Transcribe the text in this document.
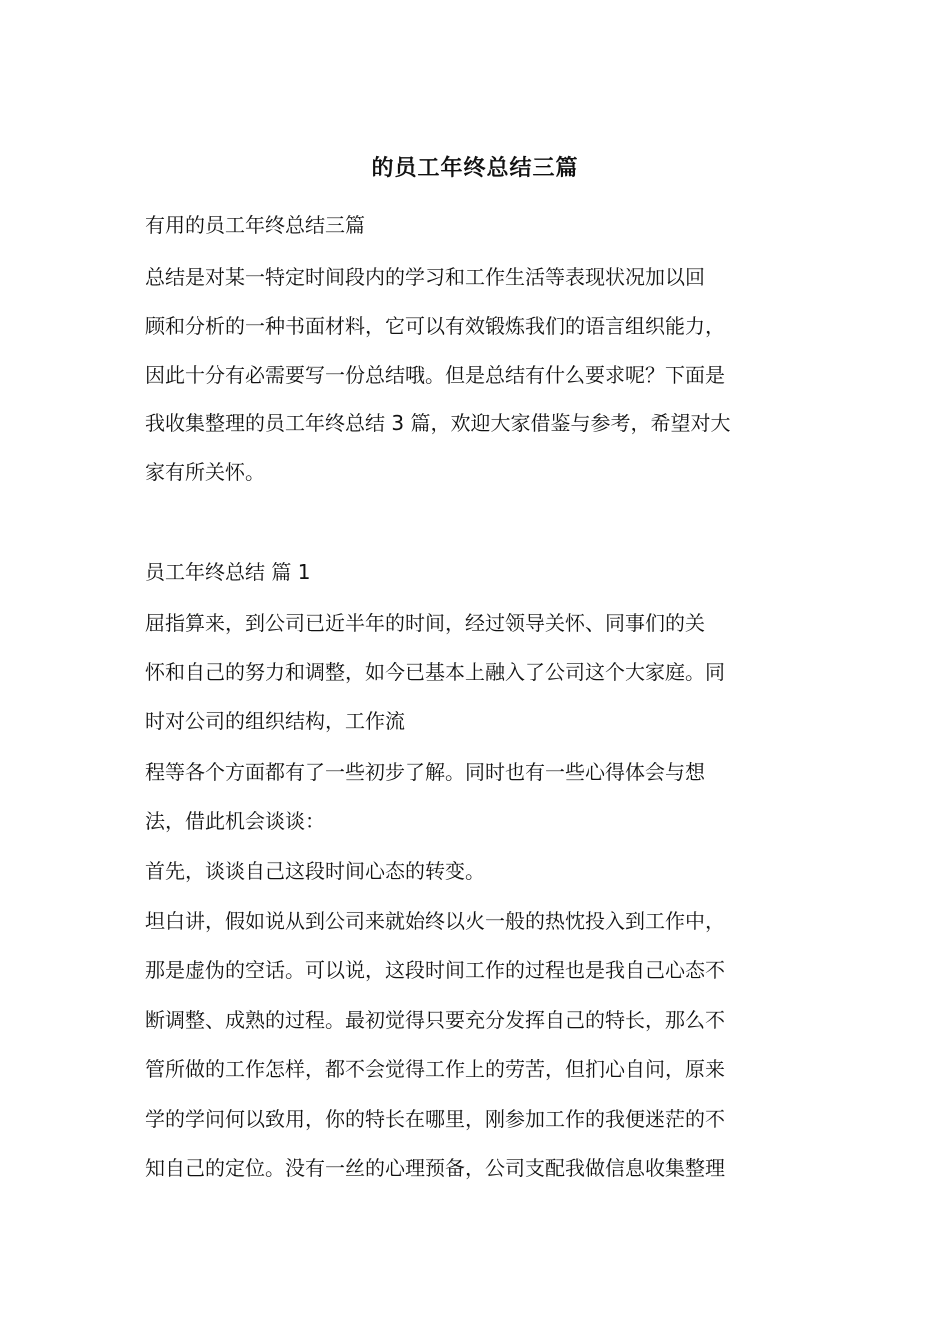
的员工年终总结三篇
有用的员工年终总结三篇
总结是对某一特定时间段内的学习和工作生活等表现状况加以回
顾和分析的一种书面材料，它可以有效锻炼我们的语言组织能力，
因此十分有必需要写一份总结哦。但是总结有什么要求呢？下面是
我收集整理的员工年终总结 3 篇，欢迎大家借鉴与参考，希望对大
家有所关怀。
员工年终总结 篇 1
屈指算来，到公司已近半年的时间，经过领导关怀、同事们的关
怀和自己的努力和调整，如今已基本上融入了公司这个大家庭。同
时对公司的组织结构，工作流
程等各个方面都有了一些初步了解。同时也有一些心得体会与想
法，借此机会谈谈：
首先，谈谈自己这段时间心态的转变。
坦白讲，假如说从到公司来就始终以火一般的热忱投入到工作中，
那是虚伪的空话。可以说，这段时间工作的过程也是我自己心态不
断调整、成熟的过程。最初觉得只要充分发挥自己的特长，那么不
管所做的工作怎样，都不会觉得工作上的劳苦，但扪心自问，原来
学的学问何以致用，你的特长在哪里，刚参加工作的我便迷茫的不
知自己的定位。没有一丝的心理预备，公司支配我做信息收集整理
